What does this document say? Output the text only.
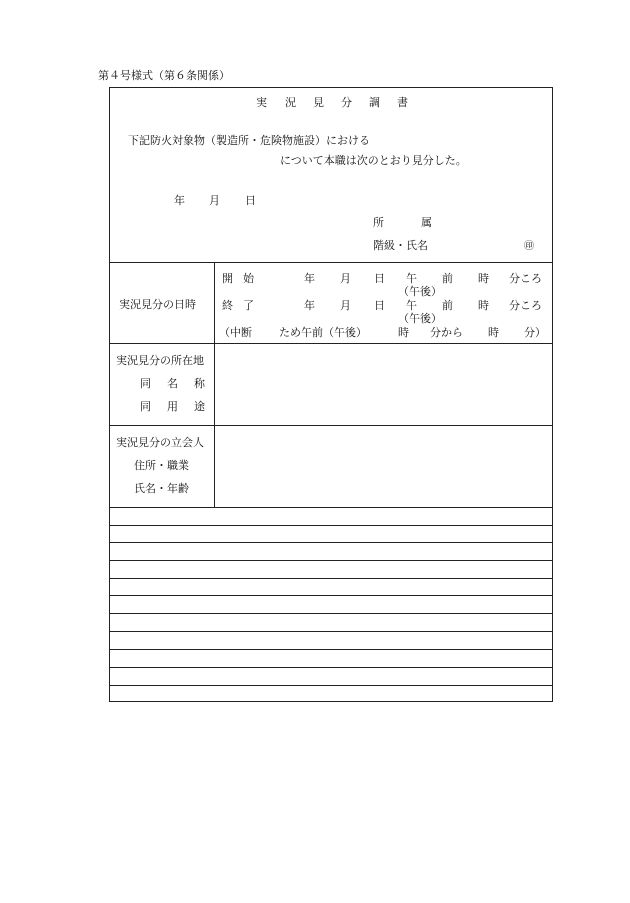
第４号様式（第６条関係）
実 況 見 分 調 書
下記防火対象物（製造所・危険物施設）における
について本職は次のとおり見分した。
年 月 日
所	属
階級・氏名	㊞
実況見分の日時
開 始	年 月 日 午 前 時 分ころ
（午後）
終 了	年 月 日 午 前 時 分ころ
（午後）
（中断 ため午前（午後）	時 分から 時 分）
実況見分の所在地
同 名 称
同 用 途
実況見分の立会人
住所・職業
氏名・年齢
